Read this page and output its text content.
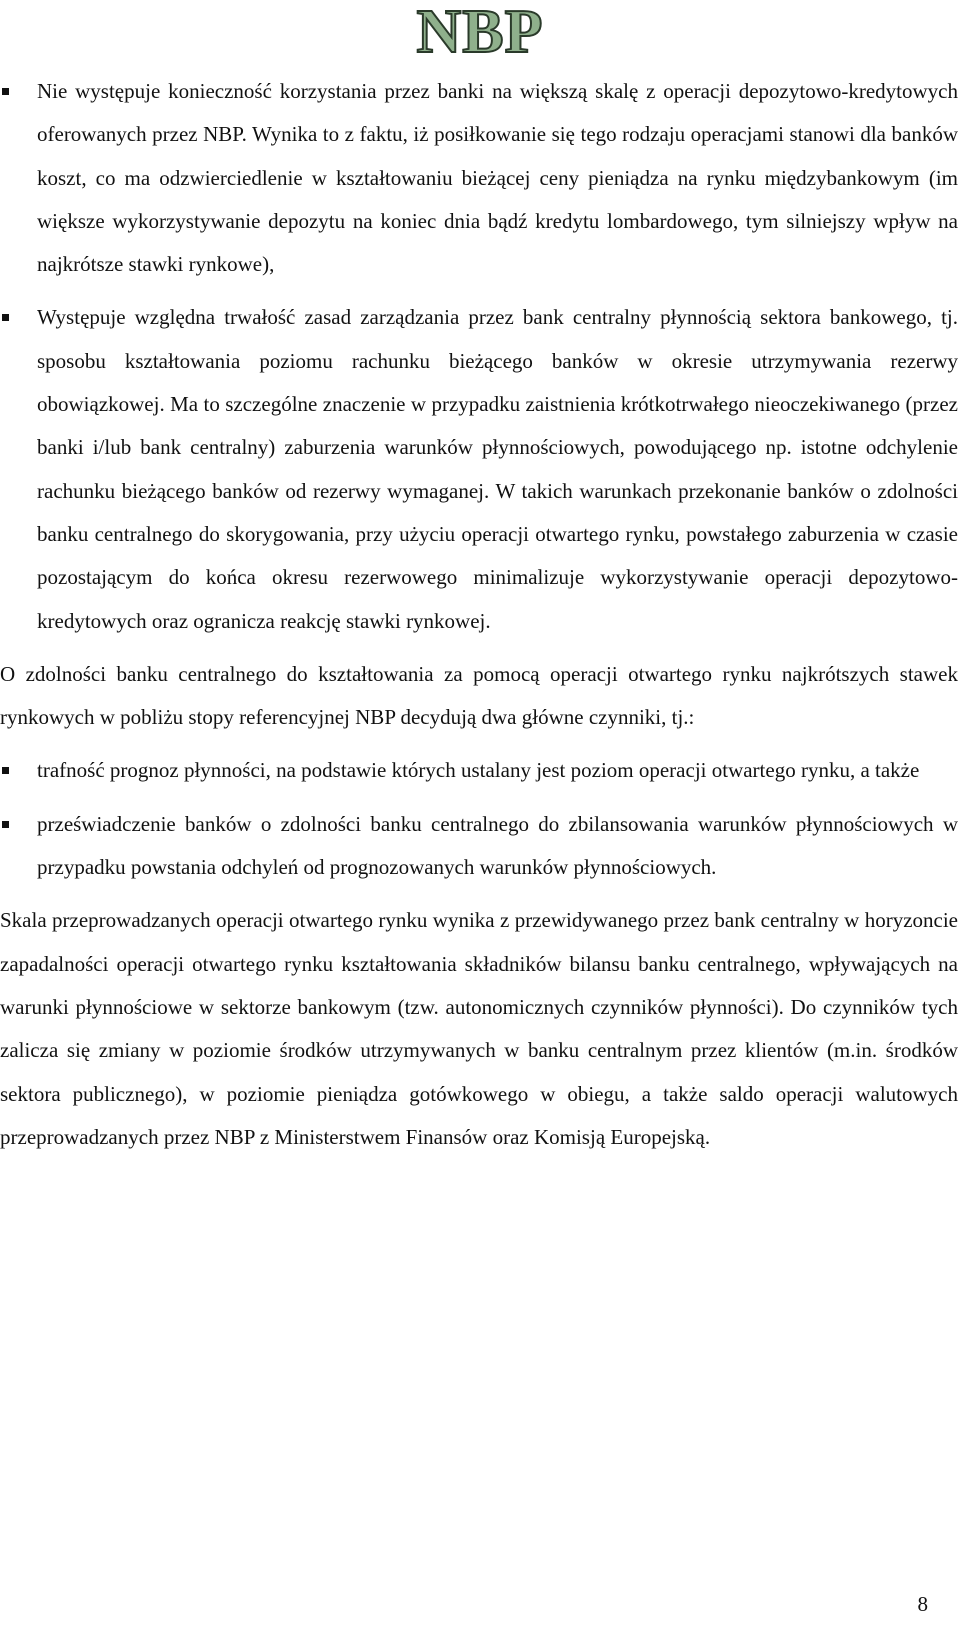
NBP
Nie występuje konieczność korzystania przez banki na większą skalę z operacji depozytowo-kredytowych oferowanych przez NBP. Wynika to z faktu, iż posiłkowanie się tego rodzaju operacjami stanowi dla banków koszt, co ma odzwierciedlenie w kształtowaniu bieżącej ceny pieniądza na rynku międzybankowym (im większe wykorzystywanie depozytu na koniec dnia bądź kredytu lombardowego, tym silniejszy wpływ na najkrótsze stawki rynkowe),
Występuje względna trwałość zasad zarządzania przez bank centralny płynnością sektora bankowego, tj. sposobu kształtowania poziomu rachunku bieżącego banków w okresie utrzymywania rezerwy obowiązkowej. Ma to szczególne znaczenie w przypadku zaistnienia krótkotrwałego nieoczekiwanego (przez banki i/lub bank centralny) zaburzenia warunków płynnościowych, powodującego np. istotne odchylenie rachunku bieżącego banków od rezerwy wymaganej. W takich warunkach przekonanie banków o zdolności banku centralnego do skorygowania, przy użyciu operacji otwartego rynku, powstałego zaburzenia w czasie pozostającym do końca okresu rezerwowego minimalizuje wykorzystywanie operacji depozytowo-kredytowych oraz ogranicza reakcję stawki rynkowej.

O zdolności banku centralnego do kształtowania za pomocą operacji otwartego rynku najkrótszych stawek rynkowych w pobliżu stopy referencyjnej NBP decydują dwa główne czynniki, tj.:

trafność prognoz płynności, na podstawie których ustalany jest poziom operacji otwartego rynku, a także
przeświadczenie banków o zdolności banku centralnego do zbilansowania warunków płynnościowych w przypadku powstania odchyleń od prognozowanych warunków płynnościowych.

Skala przeprowadzanych operacji otwartego rynku wynika z przewidywanego przez bank centralny w horyzoncie zapadalności operacji otwartego rynku kształtowania składników bilansu banku centralnego, wpływających na warunki płynnościowe w sektorze bankowym (tzw. autonomicznych czynników płynności). Do czynników tych zalicza się zmiany w poziomie środków utrzymywanych w banku centralnym przez klientów (m.in. środków sektora publicznego), w poziomie pieniądza gotówkowego w obiegu, a także saldo operacji walutowych przeprowadzanych przez NBP z Ministerstwem Finansów oraz Komisją Europejską.

8
